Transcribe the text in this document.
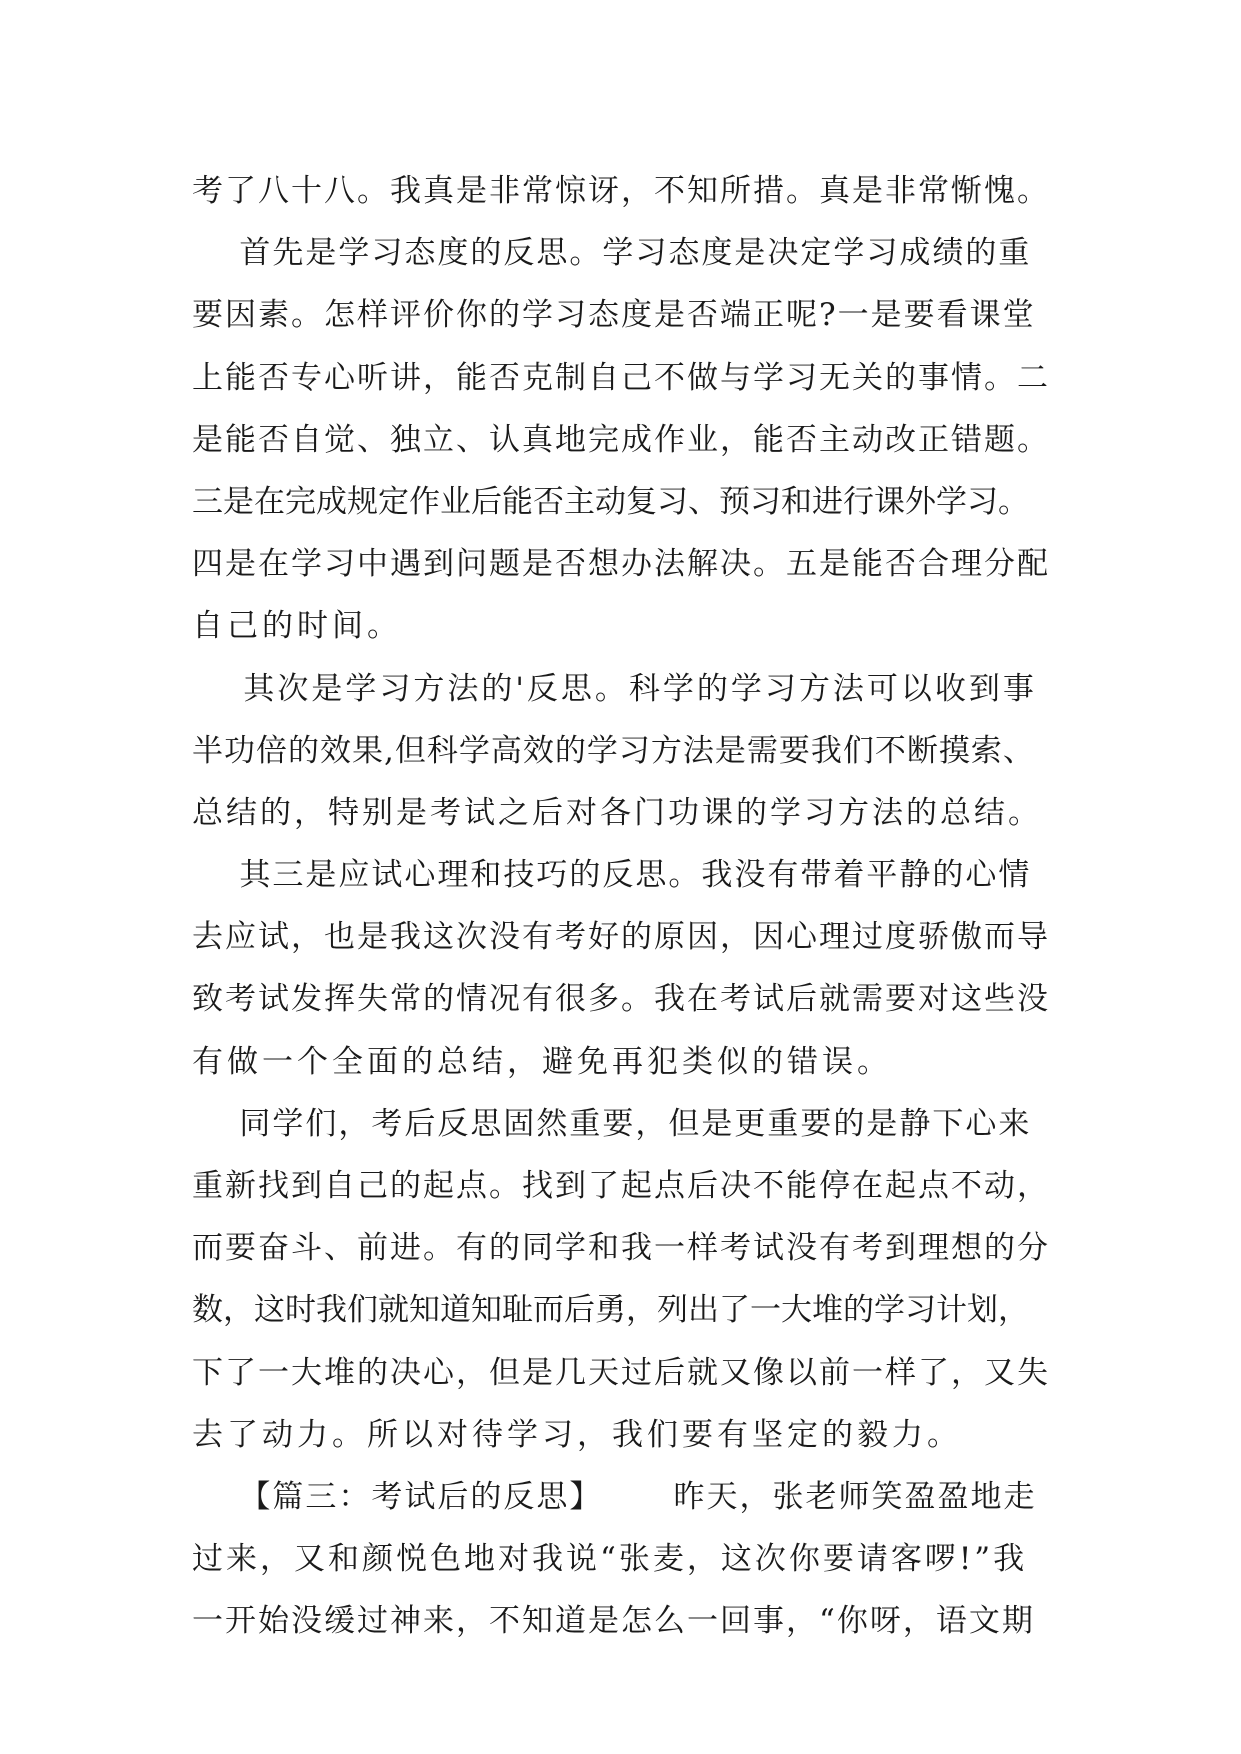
考了八十八。我真是非常惊讶，不知所措。真是非常惭愧。
首先是学习态度的反思。学习态度是决定学习成绩的重
要因素。怎样评价你的学习态度是否端正呢?一是要看课堂
上能否专心听讲，能否克制自己不做与学习无关的事情。二
是能否自觉、独立、认真地完成作业，能否主动改正错题。
三是在完成规定作业后能否主动复习、预习和进行课外学习。
四是在学习中遇到问题是否想办法解决。五是能否合理分配
自己的时间。
其次是学习方法的'反思。科学的学习方法可以收到事
半功倍的效果,但科学高效的学习方法是需要我们不断摸索、
总结的，特别是考试之后对各门功课的学习方法的总结。
其三是应试心理和技巧的反思。我没有带着平静的心情
去应试，也是我这次没有考好的原因，因心理过度骄傲而导
致考试发挥失常的情况有很多。我在考试后就需要对这些没
有做一个全面的总结，避免再犯类似的错误。
同学们，考后反思固然重要，但是更重要的是静下心来
重新找到自己的起点。找到了起点后决不能停在起点不动，
而要奋斗、前进。有的同学和我一样考试没有考到理想的分
数，这时我们就知道知耻而后勇，列出了一大堆的学习计划，
下了一大堆的决心，但是几天过后就又像以前一样了，又失
去了动力。所以对待学习，我们要有坚定的毅力。
【篇三：考试后的反思】      昨天，张老师笑盈盈地走
过来，又和颜悦色地对我说“张麦，这次你要请客啰!”我
一开始没缓过神来，不知道是怎么一回事，“你呀，语文期
